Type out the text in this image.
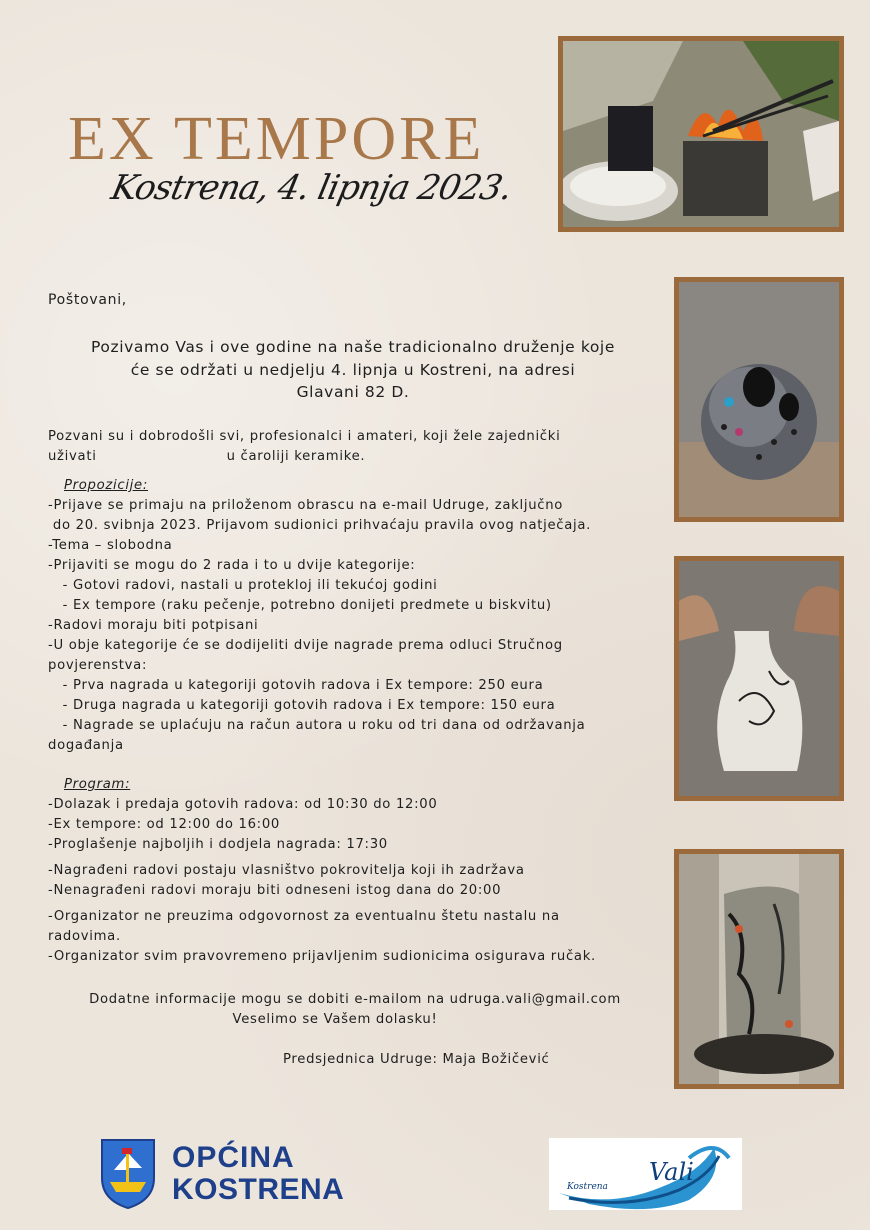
EX TEMPORE
Kostrena, 4. lipnja 2023.
Poštovani,
Pozivamo Vas i ove godine na naše tradicionalno druženje koje
će se održati u nedjelju 4. lipnja u Kostreni, na adresi
Glavani 82 D.
Pozvani su i dobrodošli svi, profesionalci i amateri, koji žele zajednički
uživati	u čaroliji keramike.
Propozicije:
-Prijave se primaju na priloženom obrascu na e-mail Udruge, zaključno
do 20. svibnja 2023. Prijavom sudionici prihvaćaju pravila ovog natječaja.
-Tema – slobodna
-Prijaviti se mogu do 2 rada i to u dvije kategorije:
- Gotovi radovi, nastali u protekloj ili tekućoj godini
- Ex tempore (raku pečenje, potrebno donijeti predmete u biskvitu)
-Radovi moraju biti potpisani
-U obje kategorije će se dodijeliti dvije nagrade prema odluci Stručnog
povjerenstva:
- Prva nagrada u kategoriji gotovih radova i Ex tempore: 250 eura
- Druga nagrada u kategoriji gotovih radova i Ex tempore: 150 eura
- Nagrade se uplaćuju na račun autora u roku od tri dana od održavanja
događanja
Program:
-Dolazak i predaja gotovih radova: od 10:30 do 12:00
-Ex tempore: od 12:00 do 16:00
-Proglašenje najboljih i dodjela nagrada: 17:30
-Nagrađeni radovi postaju vlasništvo pokrovitelja koji ih zadržava
-Nenagrađeni radovi moraju biti odneseni istog dana do 20:00
-Organizator ne preuzima odgovornost za eventualnu štetu nastalu na
radovima.
-Organizator svim pravovremeno prijavljenim sudionicima osigurava ručak.
Dodatne informacije mogu se dobiti e-mailom na udruga.vali@gmail.com
Veselimo se Vašem dolasku!
Predsjednica Udruge: Maja Božičević
OPĆINA
KOSTRENA	Kostrena
Vali
